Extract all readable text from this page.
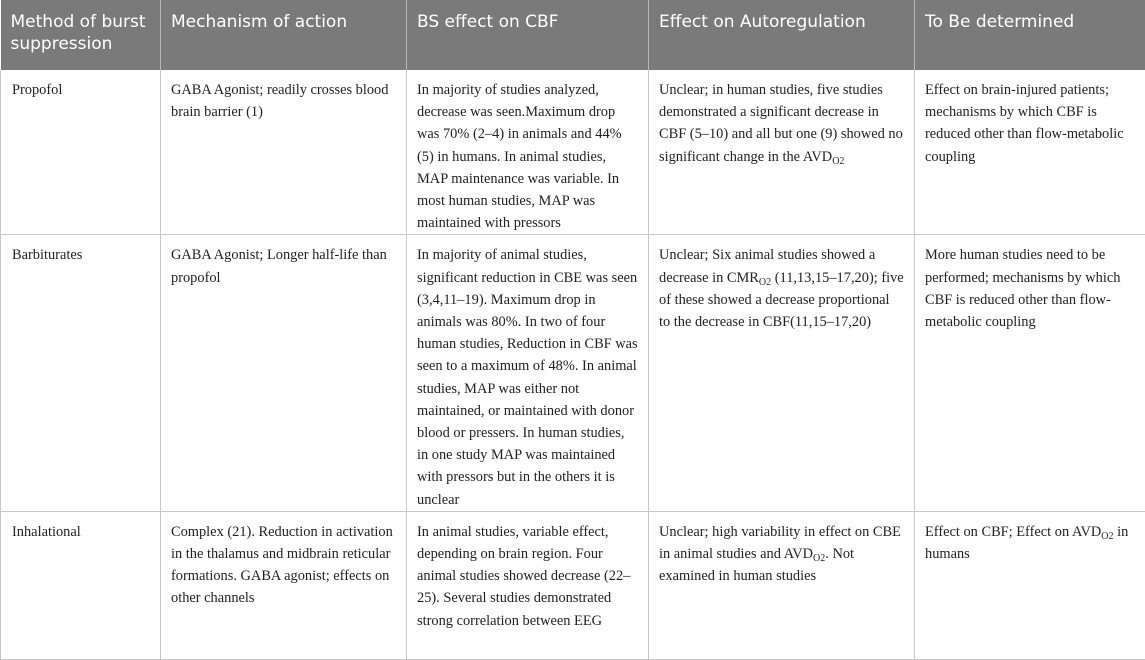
Method of burst suppression	Mechanism of action	BS effect on CBF	Effect on Autoregulation	To Be determined
Propofol	GABA Agonist; readily crosses blood brain barrier (1)	In majority of studies analyzed, decrease was seen.Maximum drop was 70% (2–4) in animals and 44% (5) in humans. In animal studies, MAP maintenance was variable. In most human studies, MAP was maintained with pressors	Unclear; in human studies, five studies demonstrated a significant decrease in CBF (5–10) and all but one (9) showed no significant change in the $AVD_{O2}$	Effect on brain-injured patients; mechanisms by which CBF is reduced other than flow-metabolic coupling
Barbiturates	GABA Agonist; Longer half-life than propofol	In majority of animal studies, significant reduction in CBE was seen (3,4,11–19). Maximum drop in animals was 80%. In two of four human studies, Reduction in CBF was seen to a maximum of 48%. In animal studies, MAP was either not maintained, or maintained with donor blood or pressers. In human studies, in one study MAP was maintained with pressors but in the others it is unclear	Unclear; Six animal studies showed a decrease in $CMR_{O2}$ (11,13,15–17,20); five of these showed a decrease proportional to the decrease in CBF(11,15–17,20)	More human studies need to be performed; mechanisms by which CBF is reduced other than flow-metabolic coupling
Inhalational	Complex (21). Reduction in activation in the thalamus and midbrain reticular formations. GABA agonist; effects on other channels	In animal studies, variable effect, depending on brain region. Four animal studies showed decrease (22–25). Several studies demonstrated strong correlation between EEG	Unclear; high variability in effect on CBE in animal studies and $AVD_{O2}$. Not examined in human studies	Effect on CBF; Effect on $AVD_{O2}$ in humans
